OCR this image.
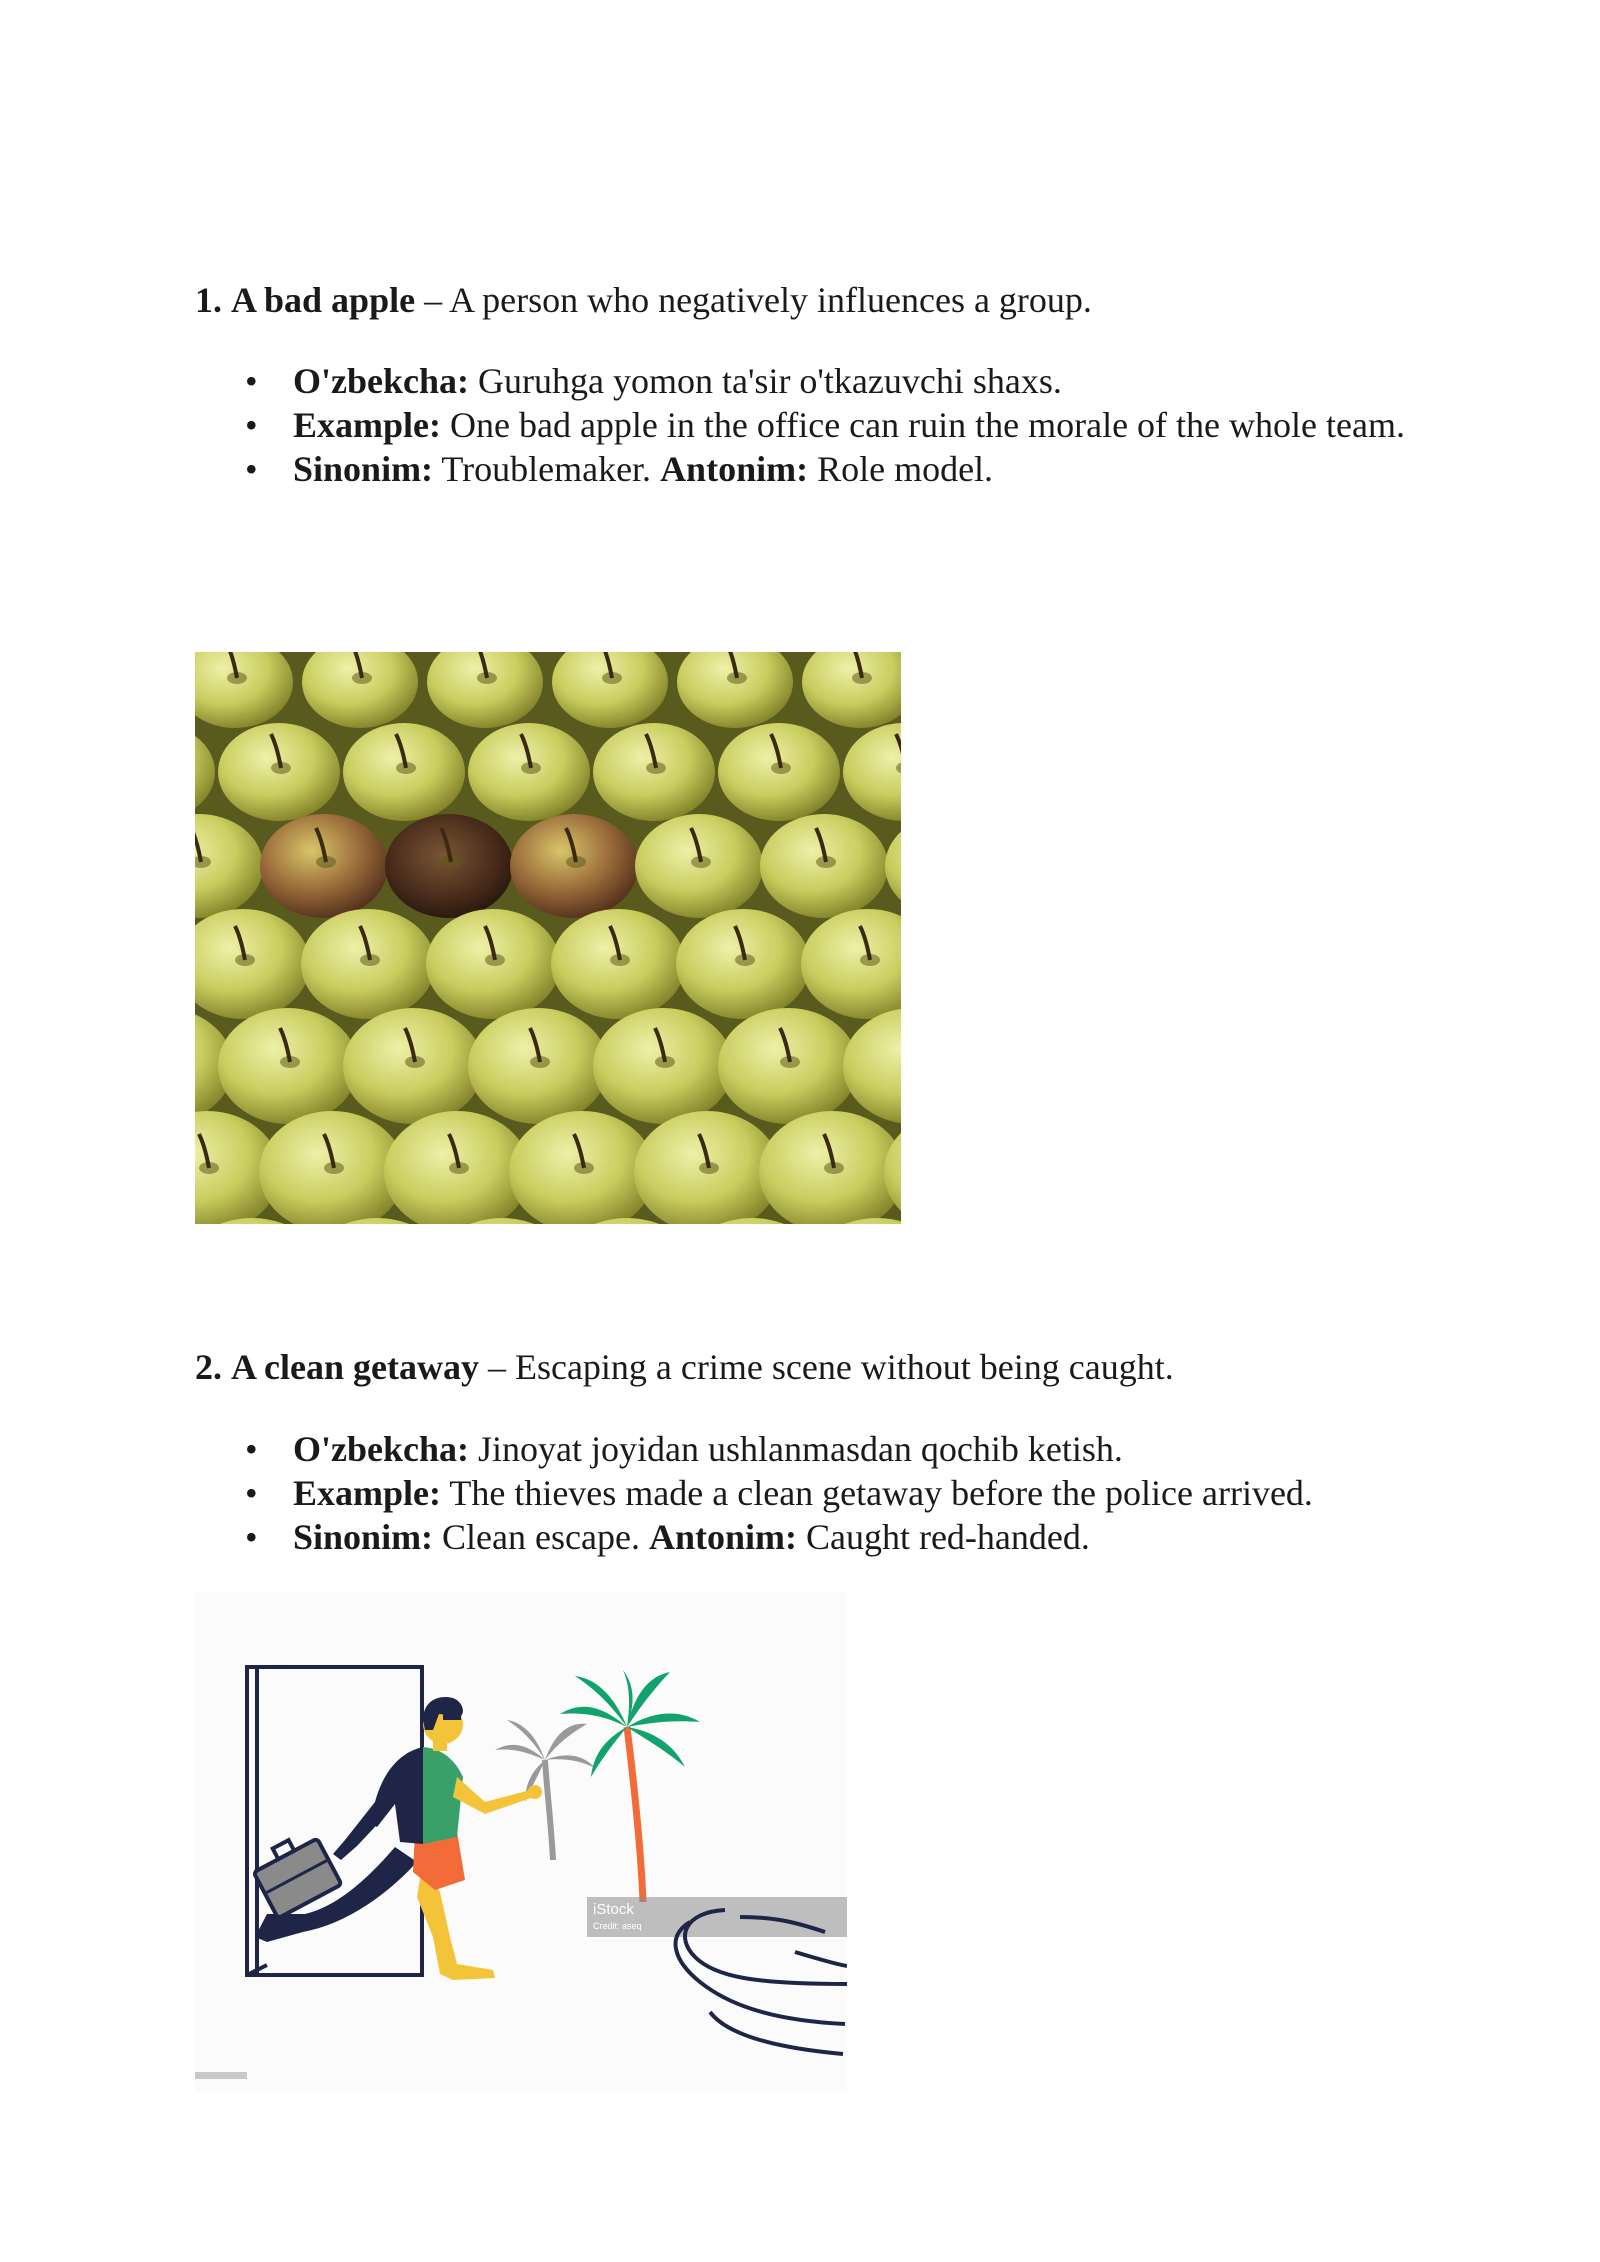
1. A bad apple – A person who negatively influences a group.

• O'zbekcha: Guruhga yomon ta'sir o'tkazuvchi shaxs.
• Example: One bad apple in the office can ruin the morale of the whole team.
• Sinonim: Troublemaker. Antonim: Role model.

2. A clean getaway – Escaping a crime scene without being caught.

• O'zbekcha: Jinoyat joyidan ushlanmasdan qochib ketish.
• Example: The thieves made a clean getaway before the police arrived.
• Sinonim: Clean escape. Antonim: Caught red-handed.
iStock
Credit: aseq
